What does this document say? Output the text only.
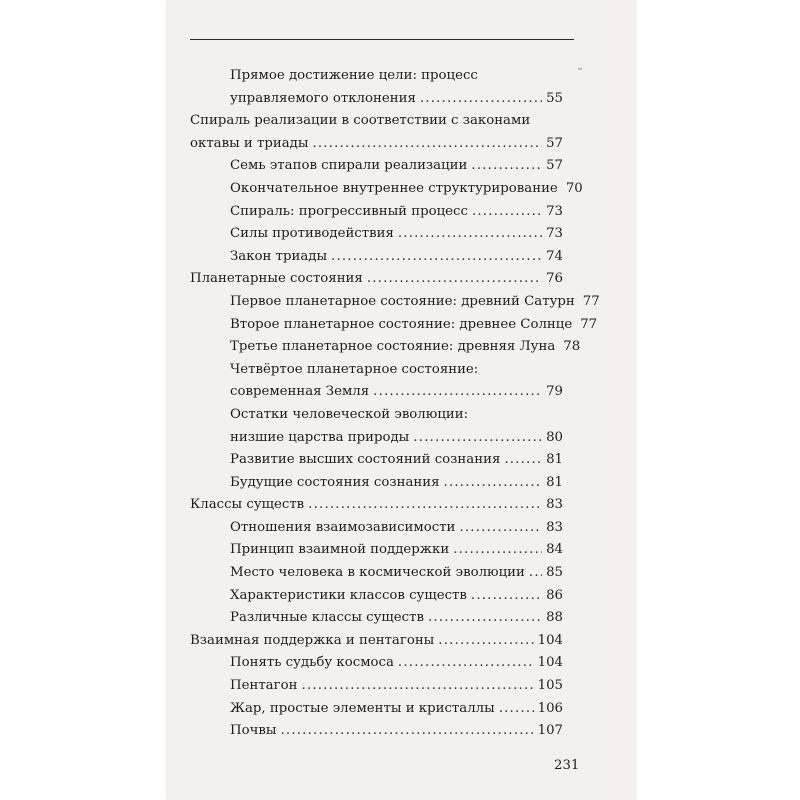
⌄
Прямое достижение цели: процесс
управляемого отклонения .....	55
Спираль реализации в соответствии с законами
октавы и триады .....	57
Семь этапов спирали реализации .....	57
Окончательное внутреннее структурирование 70
Спираль: прогрессивный процесс .....	73
Силы противодействия .....	73
Закон триады .....	74
Планетарные состояния .....	76
Первое планетарное состояние: древний Сатурн 77
Второе планетарное состояние: древнее Солнце 77
Третье планетарное состояние: древняя Луна 78
Четвёртое планетарное состояние:
современная Земля .....	79
Остатки человеческой эволюции:
низшие царства природы .....	80
Развитие высших состояний сознания .....	81
Будущие состояния сознания .....	81
Классы существ .....	83
Отношения взаимозависимости .....	83
Принцип взаимной поддержки .....	84
Место человека в космической эволюции ..... 85
Характеристики классов существ .....	86
Различные классы существ .....	88
Взаимная поддержка и пентагоны .....	104
Понять судьбу космоса .....	104
Пентагон .....	105
Жар, простые элементы и кристаллы .....	106
Почвы .....	107
231
